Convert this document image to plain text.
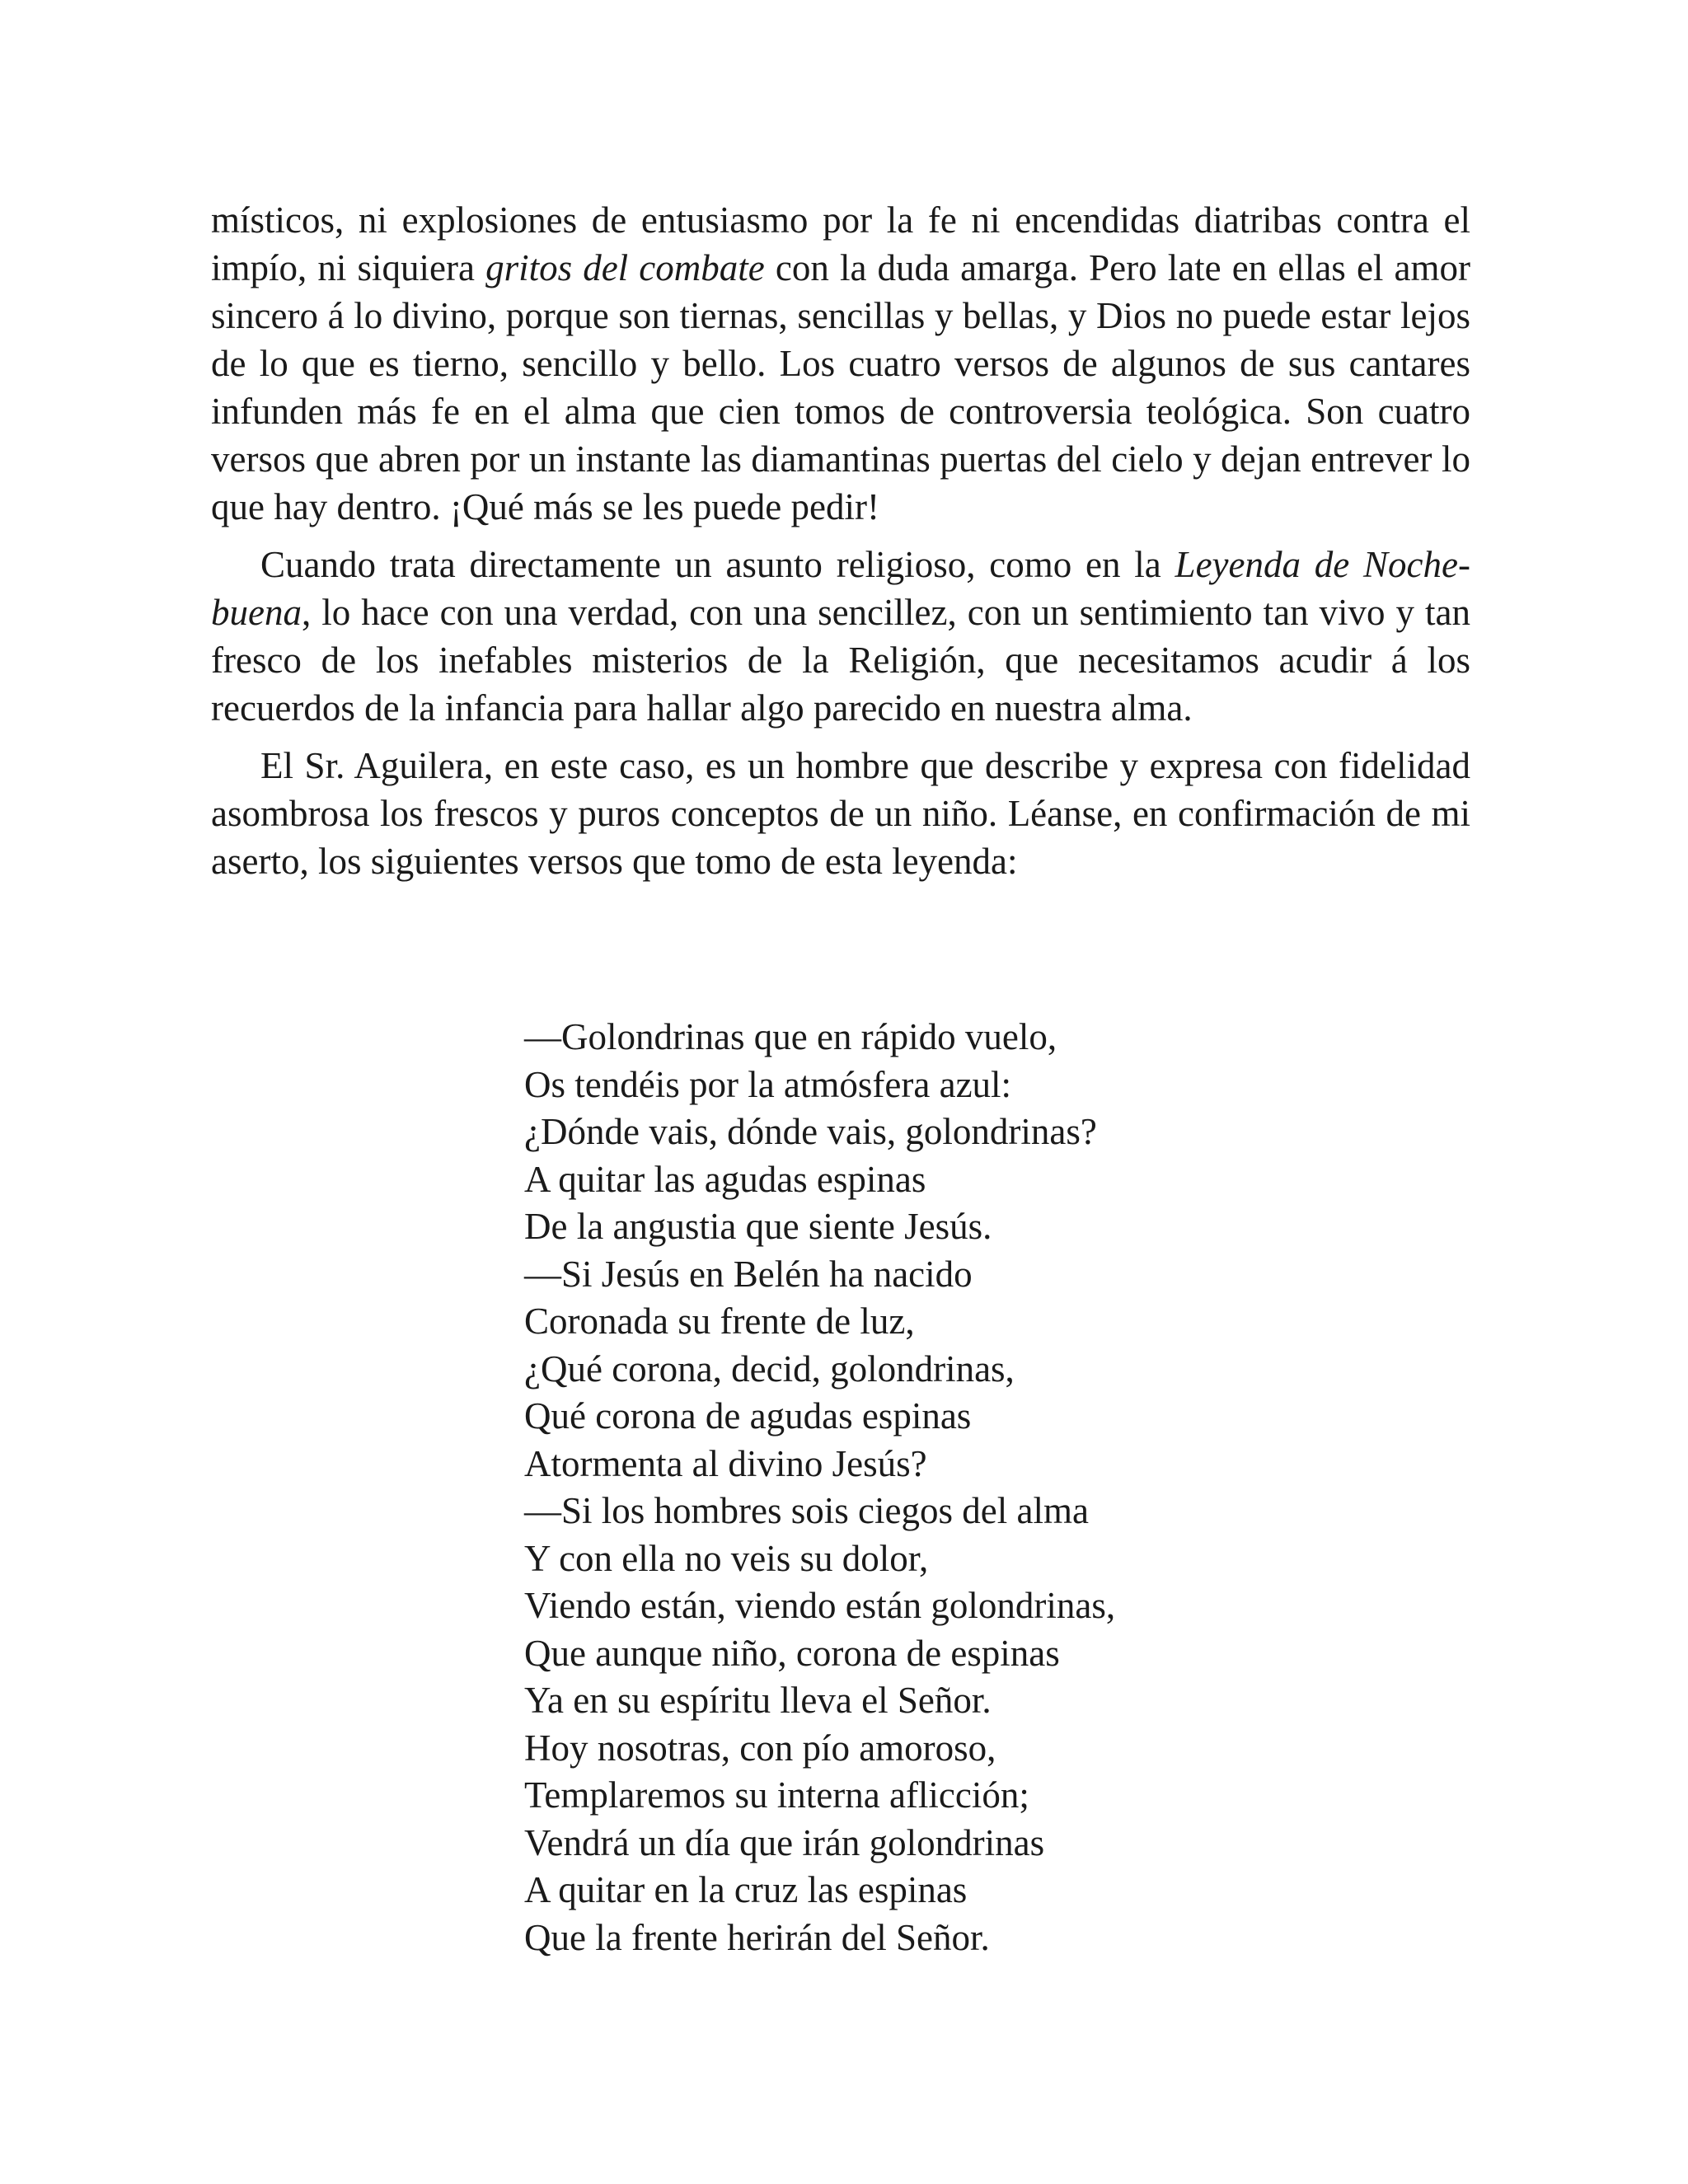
místicos, ni explosiones de entusiasmo por la fe ni encendidas diatribas contra el impío, ni siquiera gritos del combate con la duda amarga. Pero late en ellas el amor sincero á lo divino, porque son tiernas, sencillas y bellas, y Dios no puede estar lejos de lo que es tierno, sencillo y bello. Los cuatro versos de algunos de sus cantares infunden más fe en el alma que cien tomos de controversia teológica. Son cuatro versos que abren por un instante las diamantinas puertas del cielo y dejan entrever lo que hay dentro. ¡Qué más se les puede pedir!

Cuando trata directamente un asunto religioso, como en la Leyenda de Noche-buena, lo hace con una verdad, con una sencillez, con un sentimiento tan vivo y tan fresco de los inefables misterios de la Religión, que necesitamos acudir á los recuerdos de la infancia para hallar algo parecido en nuestra alma.

El Sr. Aguilera, en este caso, es un hombre que describe y expresa con fidelidad asombrosa los frescos y puros conceptos de un niño. Léanse, en confirmación de mi aserto, los siguientes versos que tomo de esta leyenda:

—Golondrinas que en rápido vuelo,
Os tendéis por la atmósfera azul:
¿Dónde vais, dónde vais, golondrinas?
A quitar las agudas espinas
De la angustia que siente Jesús.
—Si Jesús en Belén ha nacido
Coronada su frente de luz,
¿Qué corona, decid, golondrinas,
Qué corona de agudas espinas
Atormenta al divino Jesús?
—Si los hombres sois ciegos del alma
Y con ella no veis su dolor,
Viendo están, viendo están golondrinas,
Que aunque niño, corona de espinas
Ya en su espíritu lleva el Señor.
Hoy nosotras, con pío amoroso,
Templaremos su interna aflicción;
Vendrá un día que irán golondrinas
A quitar en la cruz las espinas
Que la frente herirán del Señor.
